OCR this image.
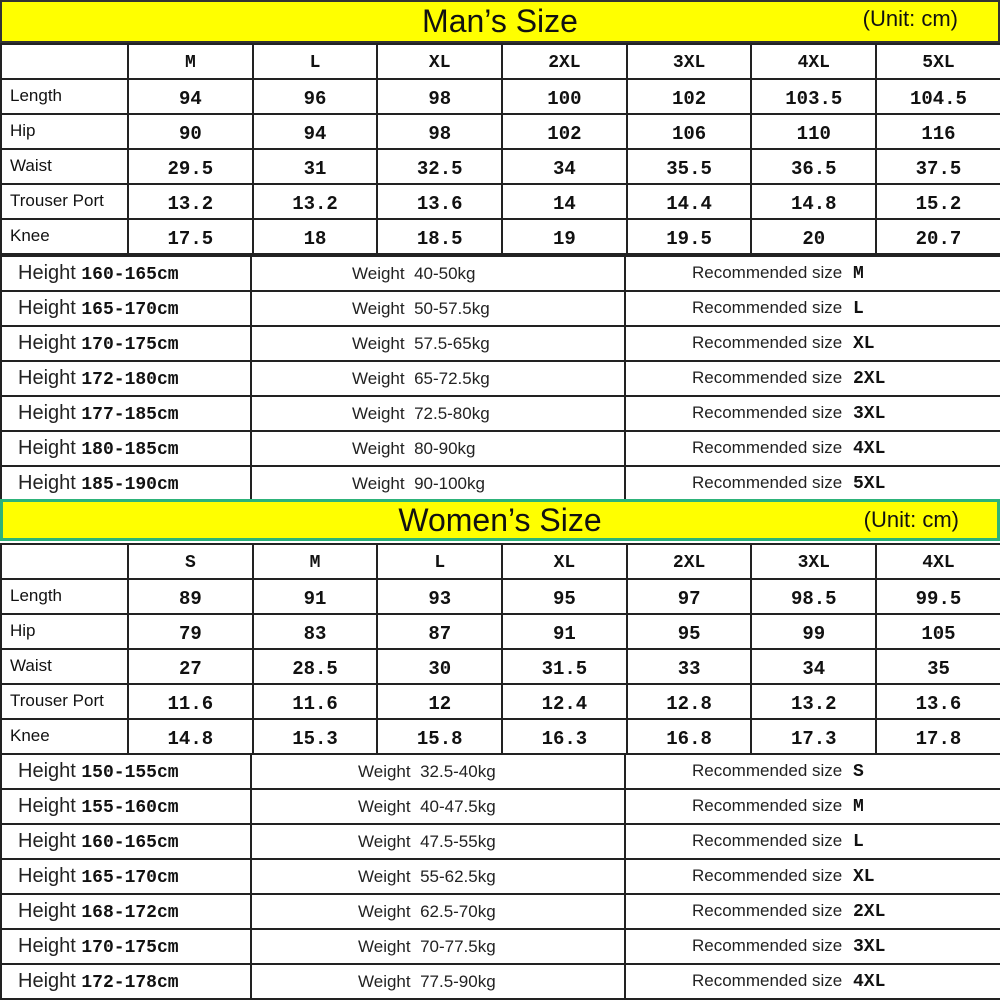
Man’s Size	(Unit: cm)
	M	L	XL	2XL	3XL	4XL	5XL
Length	94	96	98	100	102	103.5	104.5
Hip	90	94	98	102	106	110	116
Waist	29.5	31	32.5	34	35.5	36.5	37.5
Trouser Port	13.2	13.2	13.6	14	14.4	14.8	15.2
Knee	17.5	18	18.5	19	19.5	20	20.7
Height 160-165cm	Weight 40-50kg	Recommended size M
Height 165-170cm	Weight 50-57.5kg	Recommended size L
Height 170-175cm	Weight 57.5-65kg	Recommended size XL
Height 172-180cm	Weight 65-72.5kg	Recommended size 2XL
Height 177-185cm	Weight 72.5-80kg	Recommended size 3XL
Height 180-185cm	Weight 80-90kg	Recommended size 4XL
Height 185-190cm	Weight 90-100kg	Recommended size 5XL
Women’s Size	(Unit: cm)
	S	M	L	XL	2XL	3XL	4XL
Length	89	91	93	95	97	98.5	99.5
Hip	79	83	87	91	95	99	105
Waist	27	28.5	30	31.5	33	34	35
Trouser Port	11.6	11.6	12	12.4	12.8	13.2	13.6
Knee	14.8	15.3	15.8	16.3	16.8	17.3	17.8
Height 150-155cm	Weight 32.5-40kg	Recommended size S
Height 155-160cm	Weight 40-47.5kg	Recommended size M
Height 160-165cm	Weight 47.5-55kg	Recommended size L
Height 165-170cm	Weight 55-62.5kg	Recommended size XL
Height 168-172cm	Weight 62.5-70kg	Recommended size 2XL
Height 170-175cm	Weight 70-77.5kg	Recommended size 3XL
Height 172-178cm	Weight 77.5-90kg	Recommended size 4XL
